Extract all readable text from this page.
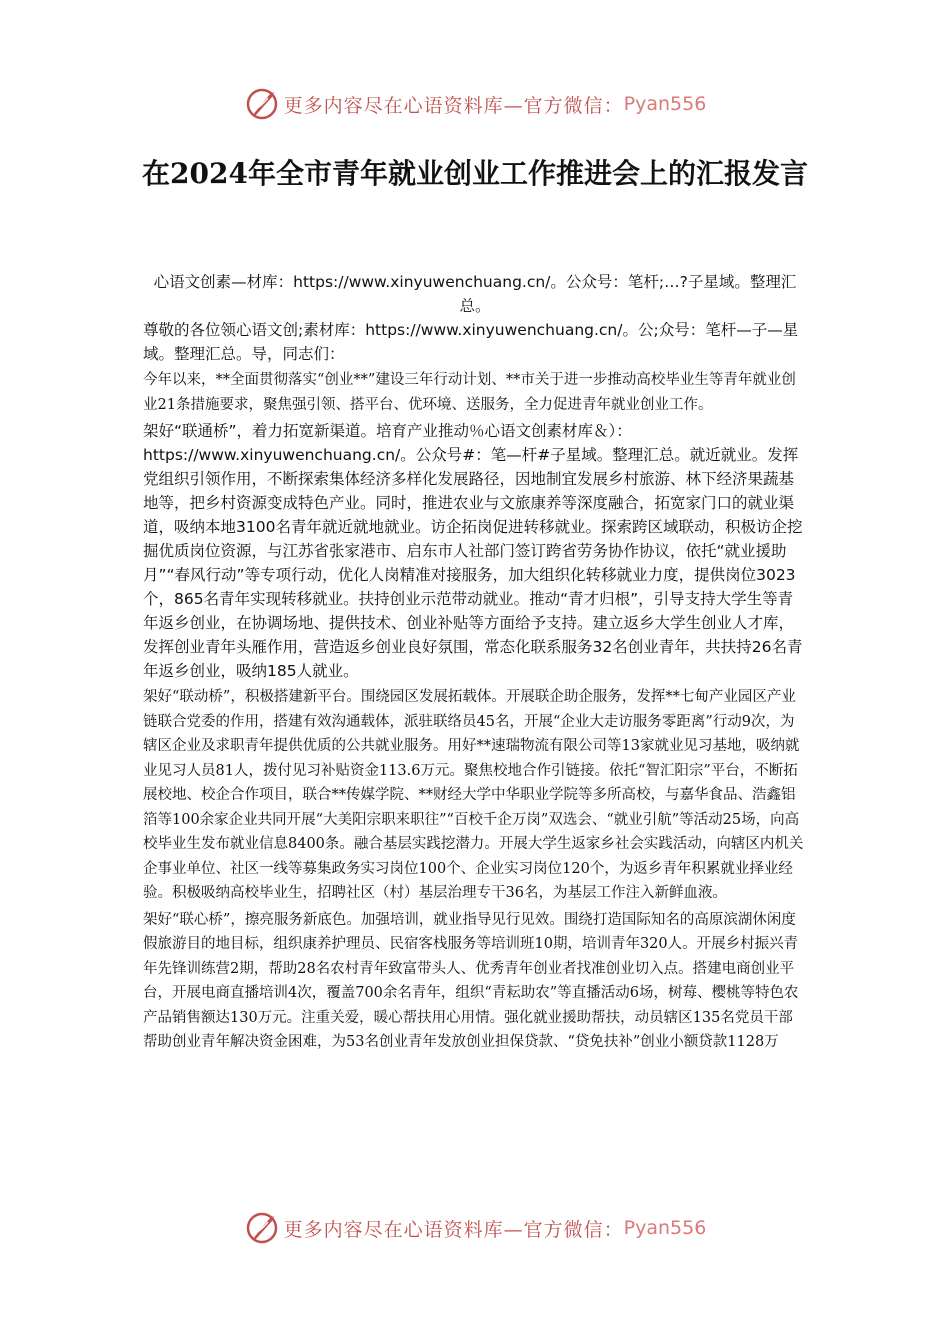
更多内容尽在心语资料库—官方微信： Pyan556
在2024年全市青年就业创业工作推进会上的汇报发言

心语文创素—材库：https://www.xinyuwenchuang.cn/。公众号：笔杆;…?子星域。整理汇总。

尊敬的各位领心语文创;素材库：https://www.xinyuwenchuang.cn/。公;众号：笔杆—子—星域。整理汇总。导，同志们：

今年以来，**全面贯彻落实“创业**”建设三年行动计划、**市关于进一步推动高校毕业生等青年就业创业21条措施要求，聚焦强引领、搭平台、优环境、送服务，全力促进青年就业创业工作。

架好“联通桥”，着力拓宽新渠道。培育产业推动％心语文创素材库＆）：https://www.xinyuwenchuang.cn/。公众号#：笔—杆#子星域。整理汇总。就近就业。发挥党组织引领作用，不断探索集体经济多样化发展路径，因地制宜发展乡村旅游、林下经济果蔬基地等，把乡村资源变成特色产业。同时，推进农业与文旅康养等深度融合，拓宽家门口的就业渠道，吸纳本地3100名青年就近就地就业。访企拓岗促进转移就业。探索跨区域联动，积极访企挖掘优质岗位资源，与江苏省张家港市、启东市人社部门签订跨省劳务协作协议，依托“就业援助月”“春风行动”等专项行动，优化人岗精准对接服务，加大组织化转移就业力度，提供岗位3023个，865名青年实现转移就业。扶持创业示范带动就业。推动“青才归根”，引导支持大学生等青年返乡创业，在协调场地、提供技术、创业补贴等方面给予支持。建立返乡大学生创业人才库，发挥创业青年头雁作用，营造返乡创业良好氛围，常态化联系服务32名创业青年，共扶持26名青年返乡创业，吸纳185人就业。

架好“联动桥”，积极搭建新平台。围绕园区发展拓载体。开展联企助企服务，发挥**七甸产业园区产业链联合党委的作用，搭建有效沟通载体，派驻联络员45名，开展“企业大走访服务零距离”行动9次，为辖区企业及求职青年提供优质的公共就业服务。用好**速瑞物流有限公司等13家就业见习基地，吸纳就业见习人员81人，拨付见习补贴资金113.6万元。聚焦校地合作引链接。依托“智汇阳宗”平台，不断拓展校地、校企合作项目，联合**传媒学院、**财经大学中华职业学院等多所高校，与嘉华食品、浩鑫铝箔等100余家企业共同开展“大美阳宗职来职往”“百校千企万岗”双选会、“就业引航”等活动25场，向高校毕业生发布就业信息8400条。融合基层实践挖潜力。开展大学生返家乡社会实践活动，向辖区内机关企事业单位、社区一线等募集政务实习岗位100个、企业实习岗位120个，为返乡青年积累就业择业经验。积极吸纳高校毕业生，招聘社区（村）基层治理专干36名，为基层工作注入新鲜血液。

架好“联心桥”，擦亮服务新底色。加强培训，就业指导见行见效。围绕打造国际知名的高原滨湖休闲度假旅游目的地目标，组织康养护理员、民宿客栈服务等培训班10期，培训青年320人。开展乡村振兴青年先锋训练营2期，帮助28名农村青年致富带头人、优秀青年创业者找准创业切入点。搭建电商创业平台，开展电商直播培训4次，覆盖700余名青年，组织“青耘助农”等直播活动6场，树莓、樱桃等特色农产品销售额达130万元。注重关爱，暖心帮扶用心用情。强化就业援助帮扶，动员辖区135名党员干部帮助创业青年解决资金困难，为53名创业青年发放创业担保贷款、“贷免扶补”创业小额贷款1128万

更多内容尽在心语资料库—官方微信： Pyan556
